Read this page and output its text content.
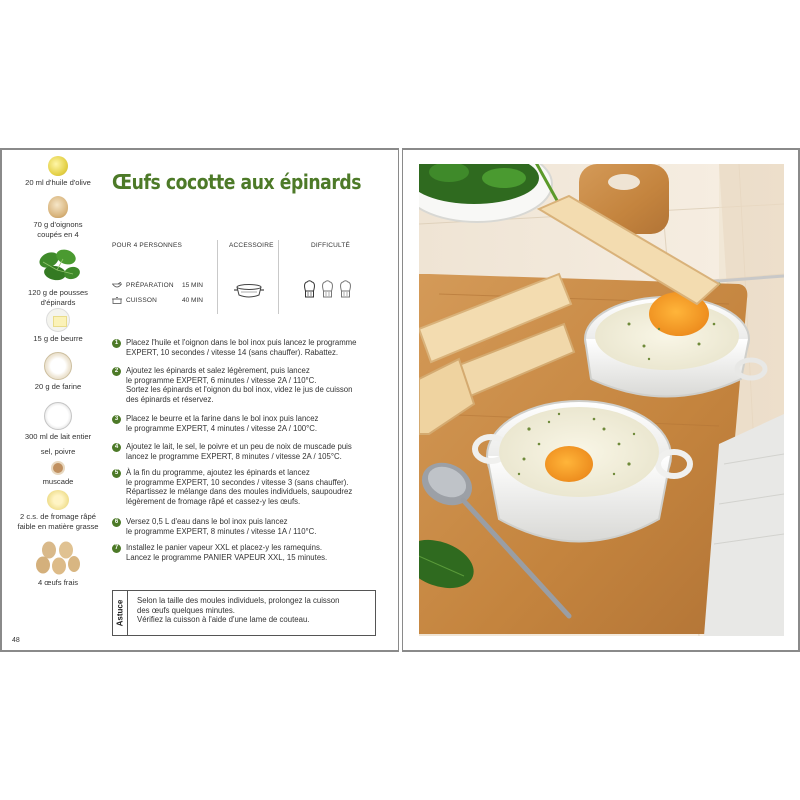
20 ml d'huile d'olive
70 g d'oignons
coupés en 4
120 g de pousses
d'épinards
15 g de beurre
20 g de farine
300 ml de lait entier
sel, poivre
muscade
2 c.s. de fromage râpé
faible en matière grasse
4 œufs frais
Œufs cocotte aux épinards
POUR 4 PERSONNES
PRÉPARATION 15 MIN
CUISSON	40 MIN
ACCESSOIRE	DIFFICULTÉ
1	Placez l'huile et l'oignon dans le bol inox puis lancez le programme
EXPERT, 10 secondes / vitesse 14 (sans chauffer). Rabattez.
2	Ajoutez les épinards et salez légèrement, puis lancez
le programme EXPERT, 6 minutes / vitesse 2A / 110°C.
Sortez les épinards et l'oignon du bol inox, videz le jus de cuisson
des épinards et réservez.
3	Placez le beurre et la farine dans le bol inox puis lancez
le programme EXPERT, 4 minutes / vitesse 2A / 100°C.
4	Ajoutez le lait, le sel, le poivre et un peu de noix de muscade puis
lancez le programme EXPERT, 8 minutes / vitesse 2A / 105°C.
5	À la fin du programme, ajoutez les épinards et lancez
le programme EXPERT, 10 secondes / vitesse 3 (sans chauffer).
Répartissez le mélange dans des moules individuels, saupoudrez
légèrement de fromage râpé et cassez-y les œufs.
6	Versez 0,5 L d'eau dans le bol inox puis lancez
le programme EXPERT, 8 minutes / vitesse 1A / 110°C.
7	Installez le panier vapeur XXL et placez-y les ramequins.
Lancez le programme PANIER VAPEUR XXL, 15 minutes.
Astuce Selon la taille des moules individuels, prolongez la cuisson
des œufs quelques minutes.
Vérifiez la cuisson à l'aide d'une lame de couteau.
48
